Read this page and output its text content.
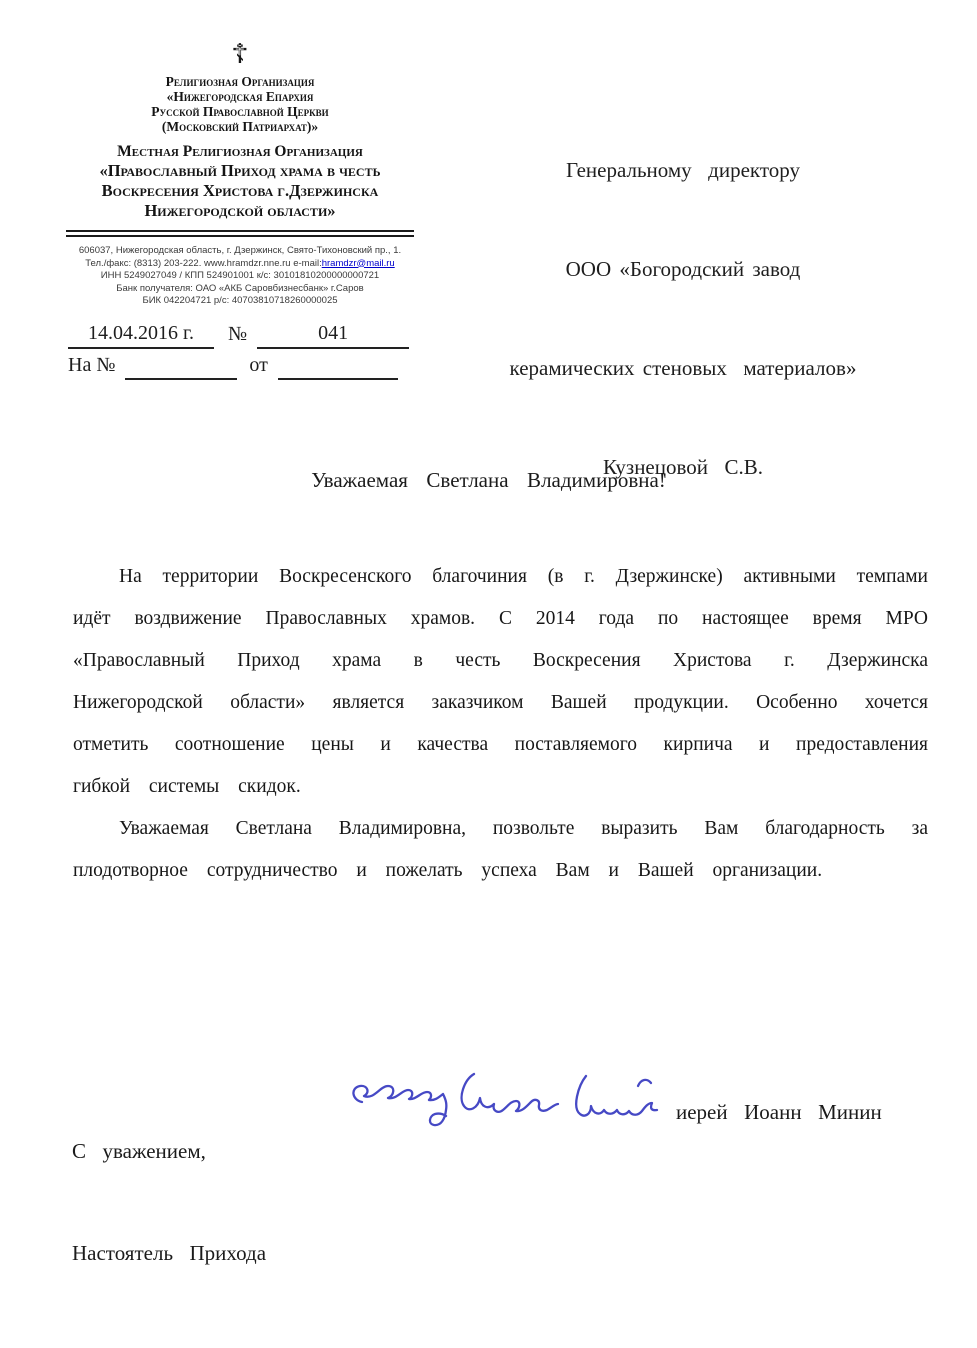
☦
Религиозная Организация
«Нижегородская Епархия
Русской Православной Церкви
(Московский Патриархат)»
Местная Религиозная Организация
«Православный Приход храма в честь
Воскресения Христова г.Дзержинска
Нижегородской области»
606037, Нижегородская область, г. Дзержинск, Свято-Тихоновский пр., 1.
Тел./факс: (8313) 203-222. www.hramdzr.nne.ru e-mail:hramdzr@mail.ru
ИНН 5249027049 / КПП 524901001 к/с: 30101810200000000721
Банк получателя: ОАО «АКБ Саровбизнесбанк» г.Саров
БИК 042204721 р/с: 40703810718260000025

Генеральному  директору

ООО «Богородский завод

керамических стеновых  материалов»

Кузнецовой  С.В.

14.04.2016 г.	№	041
На №	от
Уважаемая  Светлана  Владимировна!

На территории Воскресенского благочиния (в г. Дзержинске) активными темпами идёт воздвижение Православных храмов. С 2014 года по настоящее время МРО «Православный Приход храма в честь Воскресения Христова г. Дзержинска Нижегородской области» является заказчиком Вашей продукции. Особенно хочется отметить соотношение цены и качества поставляемого кирпича и предоставления гибкой системы скидок.

Уважаемая Светлана Владимировна, позвольте выразить Вам благодарность за плодотворное сотрудничество и пожелать успеха Вам и Вашей организации.

С  уважением,

Настоятель  Прихода

иерей  Иоанн  Минин
